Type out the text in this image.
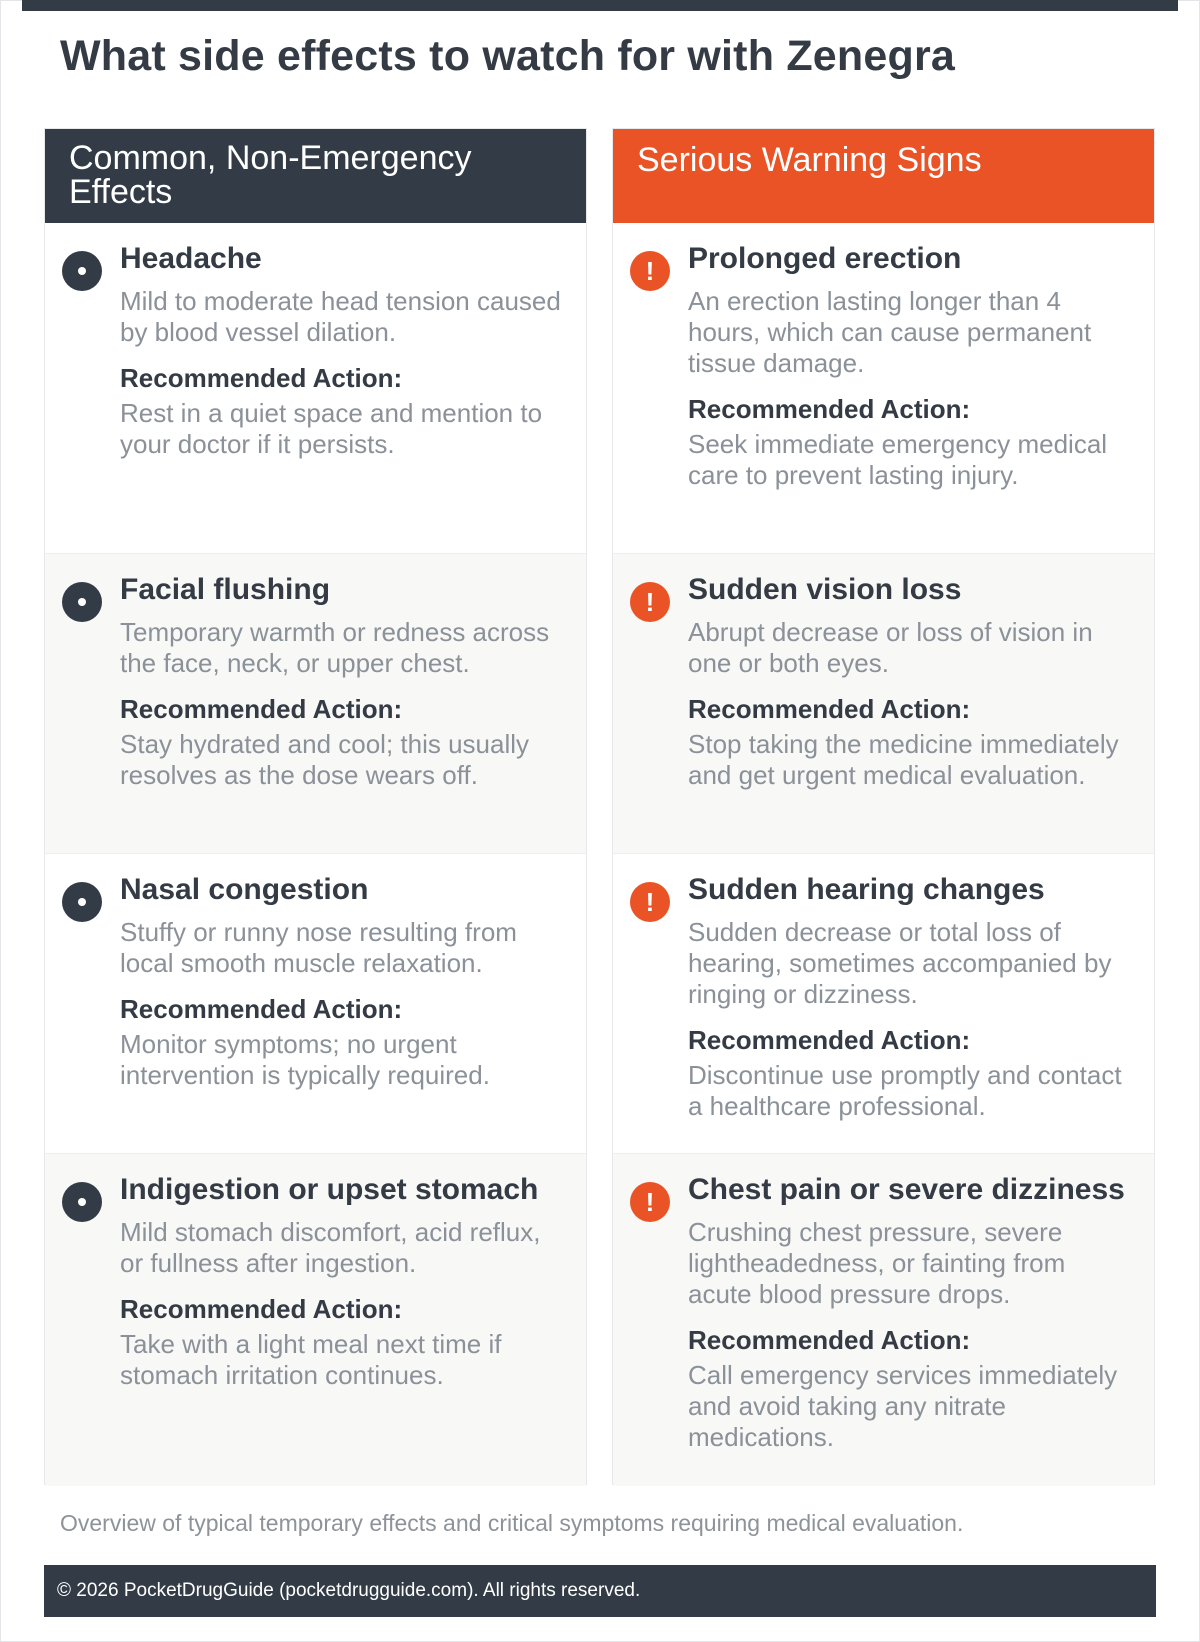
What side effects to watch for with Zenegra
Common, Non-Emergency Effects
Headache

Mild to moderate head tension caused by blood vessel dilation.

Recommended Action:

Rest in a quiet space and mention to your doctor if it persists.

Facial flushing

Temporary warmth or redness across the face, neck, or upper chest.

Recommended Action:

Stay hydrated and cool; this usually resolves as the dose wears off.

Nasal congestion

Stuffy or runny nose resulting from local smooth muscle relaxation.

Recommended Action:

Monitor symptoms; no urgent intervention is typically required.

Indigestion or upset stomach

Mild stomach discomfort, acid reflux, or fullness after ingestion.

Recommended Action:

Take with a light meal next time if stomach irritation continues.

Serious Warning Signs
!	Prolonged erection

An erection lasting longer than 4 hours, which can cause permanent tissue damage.

Recommended Action:

Seek immediate emergency medical care to prevent lasting injury.

!	Sudden vision loss

Abrupt decrease or loss of vision in one or both eyes.

Recommended Action:

Stop taking the medicine immediately and get urgent medical evaluation.

!	Sudden hearing changes

Sudden decrease or total loss of hearing, sometimes accompanied by ringing or dizziness.

Recommended Action:

Discontinue use promptly and contact a healthcare professional.

!	Chest pain or severe dizziness

Crushing chest pressure, severe lightheadedness, or fainting from acute blood pressure drops.

Recommended Action:

Call emergency services immediately and avoid taking any nitrate medications.

Overview of typical temporary effects and critical symptoms requiring medical evaluation.

© 2026 PocketDrugGuide (pocketdrugguide.com). All rights reserved.
